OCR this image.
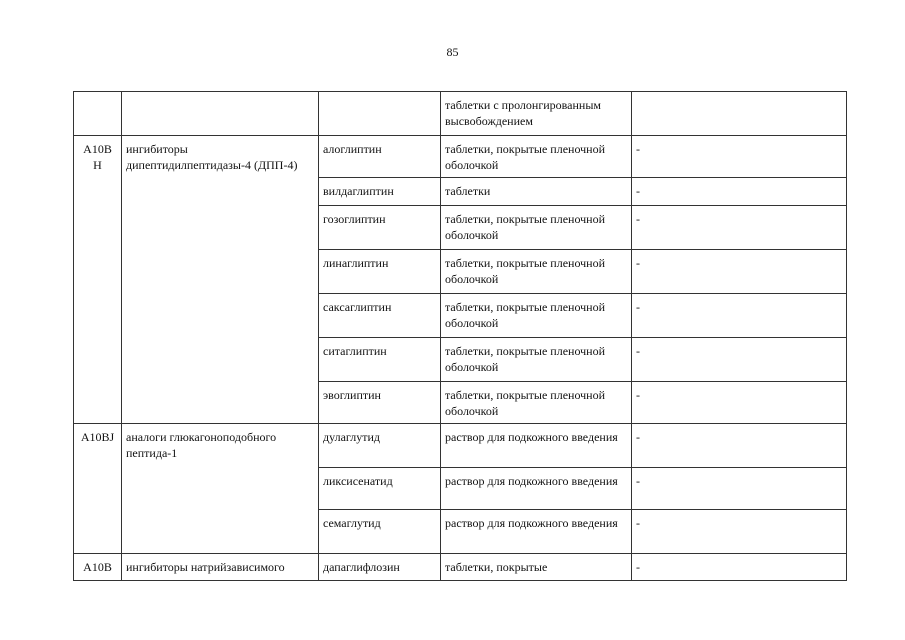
85
			таблетки с пролонгированным высвобождением	

A10B
H	ингибиторы дипептидилпептидазы-4 (ДПП-4)	алоглиптин	таблетки, покрытые пленочной оболочкой	-
		вилдаглиптин	таблетки	-
		гозоглиптин	таблетки, покрытые пленочной оболочкой	-
		линаглиптин	таблетки, покрытые пленочной оболочкой	-
		саксаглиптин	таблетки, покрытые пленочной оболочкой	-
		ситаглиптин	таблетки, покрытые пленочной оболочкой	-
		эвоглиптин	таблетки, покрытые пленочной оболочкой	-
A10BJ	аналоги глюкагоноподобного пептида-1	дулаглутид	раствор для подкожного введения	-
		ликсисенатид	раствор для подкожного введения	-
		семаглутид	раствор для подкожного введения	-
A10B	ингибиторы натрийзависимого	дапаглифлозин	таблетки, покрытые	-
